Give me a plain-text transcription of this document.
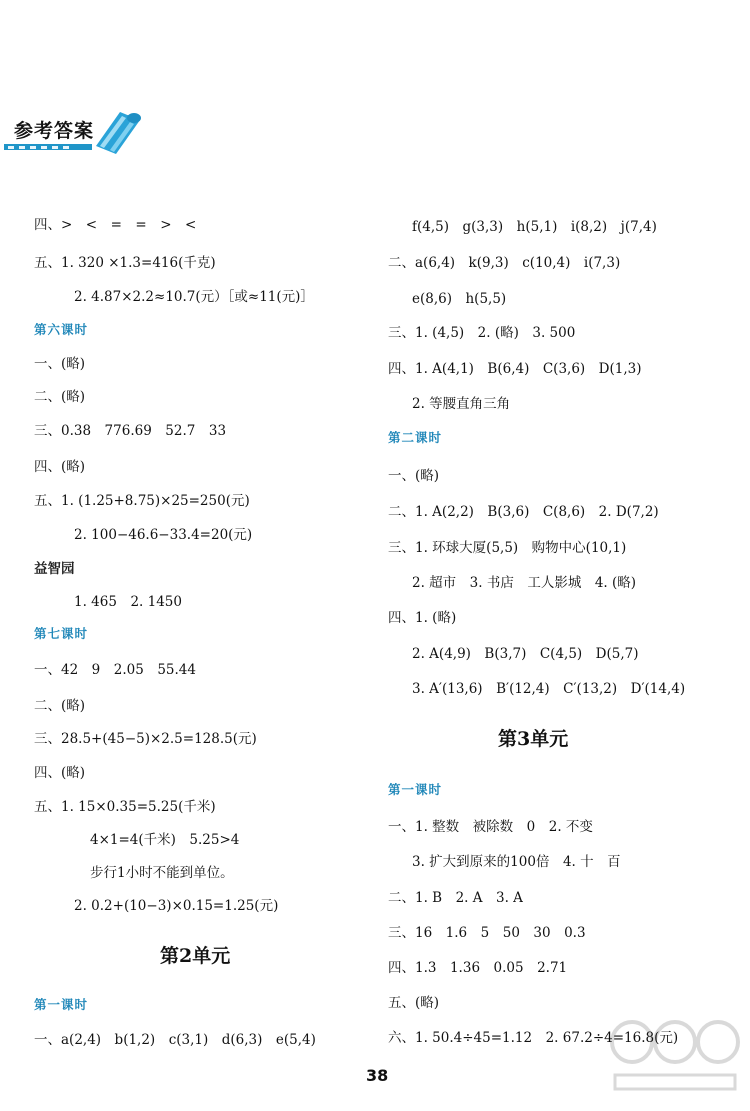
参考答案
四、>　<　=　=　>　<
五、1. 320 ×1.3=416(千克)
2. 4.87×2.2≈10.7(元）［或≈11(元)］
第六课时
一、(略)
二、(略)
三、0.38　776.69　52.7　33
四、(略)
五、1. (1.25+8.75)×25=250(元)
2. 100−46.6−33.4=20(元)
益智园
1. 465　2. 1450
第七课时
一、42　9　2.05　55.44
二、(略)
三、28.5+(45−5)×2.5=128.5(元)
四、(略)
五、1. 15×0.35=5.25(千米)
4×1=4(千米)　5.25>4
步行1小时不能到单位。
2. 0.2+(10−3)×0.15=1.25(元)
第2单元
第一课时
一、a(2,4)　b(1,2)　c(3,1)　d(6,3)　e(5,4)
f(4,5)　g(3,3)　h(5,1)　i(8,2)　j(7,4)
二、a(6,4)　k(9,3)　c(10,4)　i(7,3)
e(8,6)　h(5,5)
三、1. (4,5)　2. (略)　3. 500
四、1. A(4,1)　B(6,4)　C(3,6)　D(1,3)
2. 等腰直角三角
第二课时
一、(略)
二、1. A(2,2)　B(3,6)　C(8,6)　2. D(7,2)
三、1. 环球大厦(5,5)　购物中心(10,1)
2. 超市　3. 书店　工人影城　4. (略)
四、1. (略)
2. A(4,9)　B(3,7)　C(4,5)　D(5,7)
3. A′(13,6)　B′(12,4)　C′(13,2)　D′(14,4)
第3单元
第一课时
一、1. 整数　被除数　0　2. 不变
3. 扩大到原来的100倍　4. 十　百
二、1. B　2. A　3. A
三、16　1.6　5　50　30　0.3
四、1.3　1.36　0.05　2.71
五、(略)
六、1. 50.4÷45=1.12　2. 67.2÷4=16.8(元)
38
